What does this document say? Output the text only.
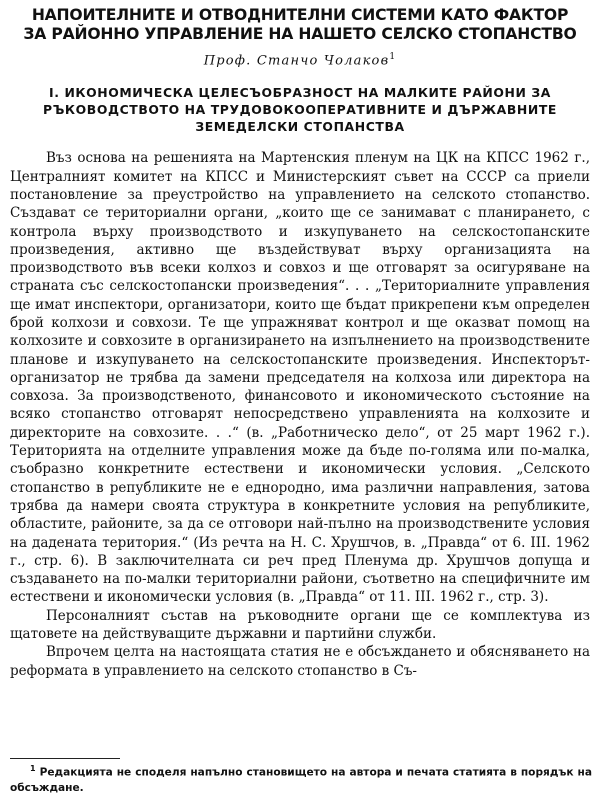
НАПОИТЕЛНИТЕ И ОТВОДНИТЕЛНИ СИСТЕМИ КАТО ФАКТОР
ЗА РАЙОННО УПРАВЛЕНИЕ НА НАШЕТО СЕЛСКО СТОПАНСТВО
Проф. Станчо Чолаков$^1$
I. ИКОНОМИЧЕСКА ЦЕЛЕСЪОБРАЗНОСТ НА МАЛКИТЕ РАЙОНИ ЗА РЪКОВОДСТВОТО НА ТРУДОВОКООПЕРАТИВНИТЕ И ДЪРЖАВНИТЕ ЗЕМЕДЕЛСКИ СТОПАНСТВА

Въз основа на решенията на Мартенския пленум на ЦК на КПСС 1962 г., Централният комитет на КПСС и Министерският съвет на СССР са приели постановление за преустройство на управлението на селското стопанство. Създават се териториални органи, „които ще се занимават с планирането, с контрола върху производството и изкупуването на селскостопанските произведения, активно ще въздействуват върху организацията на производството във всеки колхоз и совхоз и ще отговарят за осигуряване на страната със селскостопански произведения“. . . „Териториалните управления ще имат инспектори, организатори, които ще бъдат прикрепени към определен брой колхози и совхози. Те ще упражняват контрол и ще оказват помощ на колхозите и совхозите в организирането на изпълнението на производствените планове и изкупуването на селскостопанските произведения. Инспекторът-организатор не трябва да замени председателя на колхоза или директора на совхоза. За производственото, финансовото и икономическото състояние на всяко стопанство отговарят непосредствено управленията на колхозите и директорите на совхозите. . .“ (в. „Работническо дело“, от 25 март 1962 г.). Територията на отделните управления може да бъде по-голяма или по-малка, съобразно конкретните естествени и икономически условия. „Селското стопанство в републиките не е еднородно, има различни направления, затова трябва да намери своята структура в конкретните условия на републиките, областите, районите, за да се отговори най-пълно на производствените условия на дадената територия.“ (Из речта на Н. С. Хрушчов, в. „Правда“ от 6. III. 1962 г., стр. 6). В заключителната си реч пред Пленума др. Хрушчов допуща и създаването на по-малки териториални райони, съответно на специфичните им естествени и икономически условия (в. „Правда“ от 11. III. 1962 г., стр. 3).

Персоналният състав на ръководните органи ще се комплектува из щатовете на действуващите държавни и партийни служби.

Впрочем целта на настоящата статия не е обсъждането и обясняването на реформата в управлението на селското стопанство в Съ-

$^1$ Редакцията не споделя напълно становището на автора и печата статията в порядък на обсъждане.
